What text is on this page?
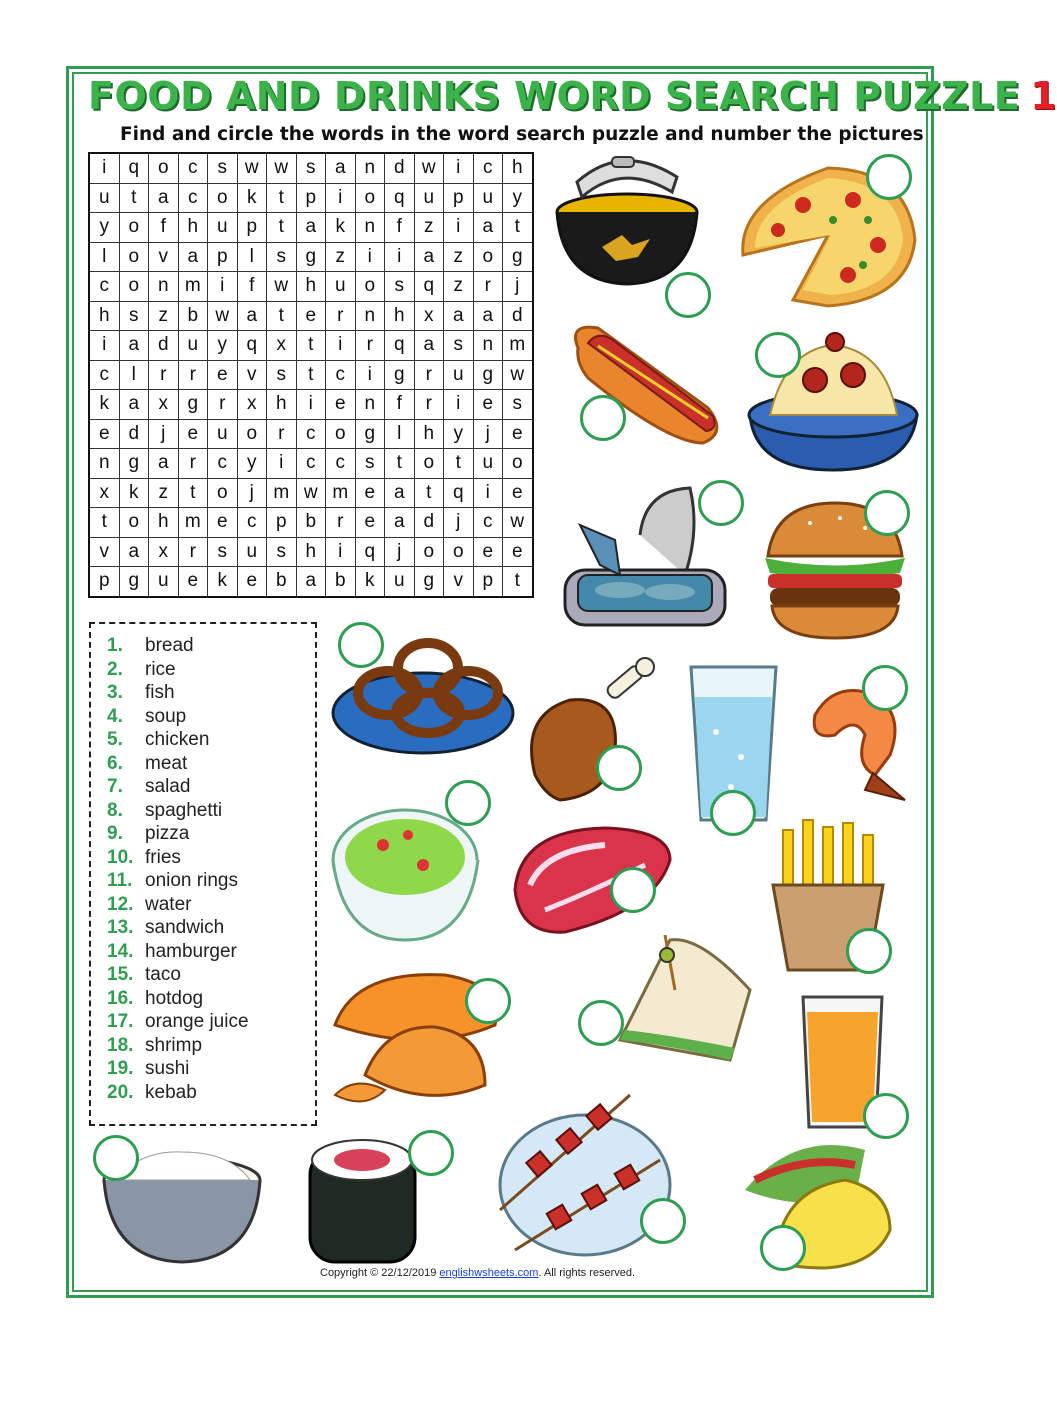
FOOD AND DRINKS WORD SEARCH PUZZLE 1
Find and circle the words in the word search puzzle and number the pictures
i	q	o	c	s	w	w	s	a	n	d	w	i	c	h
u	t	a	c	o	k	t	p	i	o	q	u	p	u	y
y	o	f	h	u	p	t	a	k	n	f	z	i	a	t
l	o	v	a	p	l	s	g	z	i	i	a	z	o	g
c	o	n	m	i	f	w	h	u	o	s	q	z	r	j
h	s	z	b	w	a	t	e	r	n	h	x	a	a	d
i	a	d	u	y	q	x	t	i	r	q	a	s	n	m
c	l	r	r	e	v	s	t	c	i	g	r	u	g	w
k	a	x	g	r	x	h	i	e	n	f	r	i	e	s
e	d	j	e	u	o	r	c	o	g	l	h	y	j	e
n	g	a	r	c	y	i	c	c	s	t	o	t	u	o
x	k	z	t	o	j	m	w	m	e	a	t	q	i	e
t	o	h	m	e	c	p	b	r	e	a	d	j	c	w
v	a	x	r	s	u	s	h	i	q	j	o	o	e	e
p	g	u	e	k	e	b	a	b	k	u	g	v	p	t
1. bread
2. rice
3. fish
4. soup
5. chicken
6. meat
7. salad
8. spaghetti
9. pizza
10. fries
11. onion rings
12. water
13. sandwich
14. hamburger
15. taco
16. hotdog
17. orange juice
18. shrimp
19. sushi
20. kebab
Copyright © 22/12/2019 englishwsheets.com. All rights reserved.
